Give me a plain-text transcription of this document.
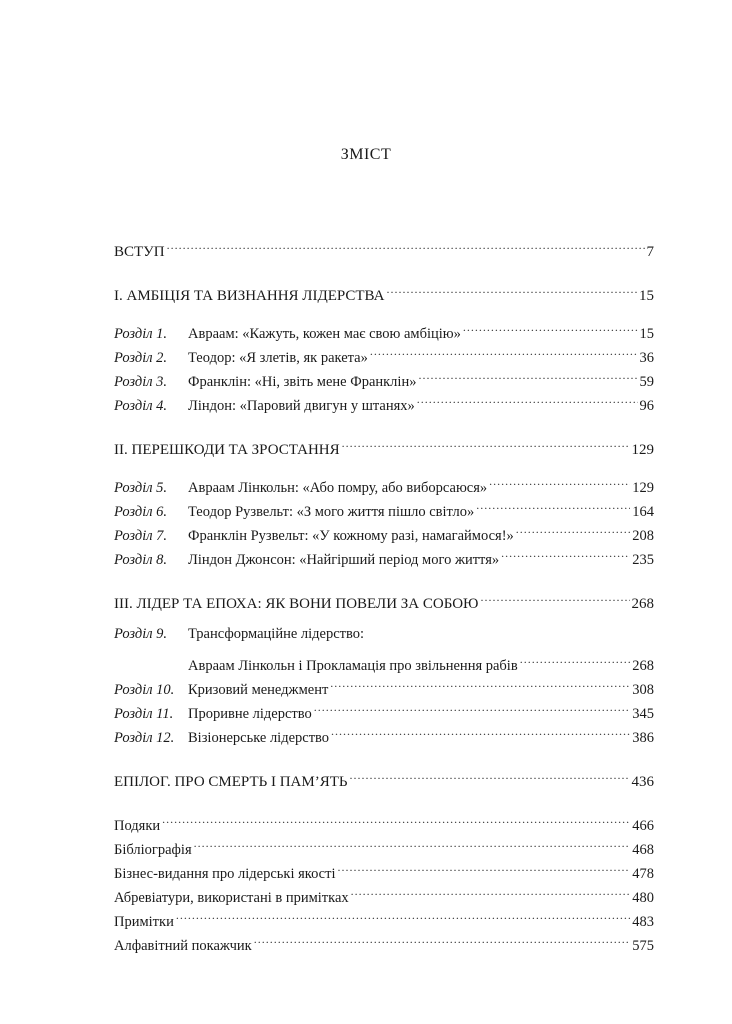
ЗМІСТ
ВСТУП .....	7
І. АМБІЦІЯ ТА ВИЗНАННЯ ЛІДЕРСТВА .....	15
Розділ 1.	Авраам: «Кажуть, кожен має свою амбіцію» .....	15
Розділ 2.	Теодор: «Я злетів, як ракета» .....	36
Розділ 3.	Франклін: «Ні, звіть мене Франклін» .....	59
Розділ 4.	Ліндон: «Паровий двигун у штанях» .....	96
ІІ. ПЕРЕШКОДИ ТА ЗРОСТАННЯ .....	129
Розділ 5.	Авраам Лінкольн: «Або помру, або виборсаюся» .....	129
Розділ 6.	Теодор Рузвельт: «З мого життя пішло світло» .....	164
Розділ 7.	Франклін Рузвельт: «У кожному разі, намагаймося!» .....	208
Розділ 8.	Ліндон Джонсон: «Найгірший період мого життя» .....	235
ІІІ. ЛІДЕР ТА ЕПОХА: ЯК ВОНИ ПОВЕЛИ ЗА СОБОЮ .....	268
Розділ 9.	Трансформаційне лідерство:
Авраам Лінкольн і Прокламація про звільнення рабів .....	268
Розділ 10. Кризовий менеджмент .....	308
Розділ 11.	Проривне лідерство .....	345
Розділ 12. Візіонерське лідерство .....	386
ЕПІЛОГ. ПРО СМЕРТЬ І ПАМ’ЯТЬ .....	436
Подяки .....	466
Бібліографія .....	468
Бізнес-видання про лідерські якості .....	478
Абревіатури, використані в примітках .....	480
Примітки .....	483
Алфавітний покажчик .....	575
